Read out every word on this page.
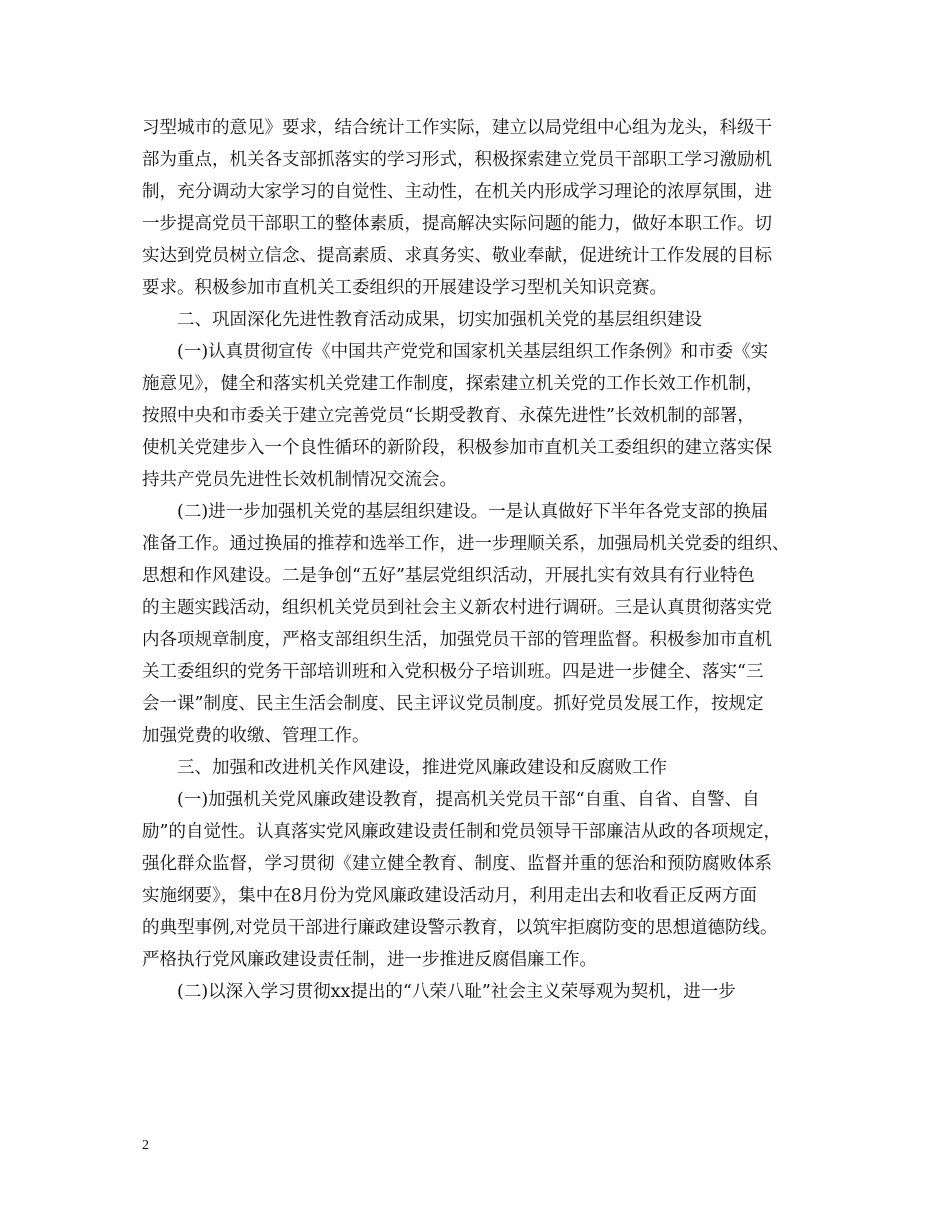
习型城市的意见》要求，结合统计工作实际，建立以局党组中心组为龙头，科级干
部为重点，机关各支部抓落实的学习形式，积极探索建立党员干部职工学习激励机
制，充分调动大家学习的自觉性、主动性，在机关内形成学习理论的浓厚氛围，进
一步提高党员干部职工的整体素质，提高解决实际问题的能力，做好本职工作。切
实达到党员树立信念、提高素质、求真务实、敬业奉献，促进统计工作发展的目标
要求。积极参加市直机关工委组织的开展建设学习型机关知识竞赛。
二、巩固深化先进性教育活动成果，切实加强机关党的基层组织建设
(一)认真贯彻宣传《中国共产党党和国家机关基层组织工作条例》和市委《实
施意见》，健全和落实机关党建工作制度，探索建立机关党的工作长效工作机制，
按照中央和市委关于建立完善党员“长期受教育、永葆先进性”长效机制的部署，
使机关党建步入一个良性循环的新阶段，积极参加市直机关工委组织的建立落实保
持共产党员先进性长效机制情况交流会。
(二)进一步加强机关党的基层组织建设。一是认真做好下半年各党支部的换届
准备工作。通过换届的推荐和选举工作，进一步理顺关系，加强局机关党委的组织、
思想和作风建设。二是争创“五好”基层党组织活动，开展扎实有效具有行业特色
的主题实践活动，组织机关党员到社会主义新农村进行调研。三是认真贯彻落实党
内各项规章制度，严格支部组织生活，加强党员干部的管理监督。积极参加市直机
关工委组织的党务干部培训班和入党积极分子培训班。四是进一步健全、落实“三
会一课”制度、民主生活会制度、民主评议党员制度。抓好党员发展工作，按规定
加强党费的收缴、管理工作。
三、加强和改进机关作风建设，推进党风廉政建设和反腐败工作
(一)加强机关党风廉政建设教育，提高机关党员干部“自重、自省、自警、自
励”的自觉性。认真落实党风廉政建设责任制和党员领导干部廉洁从政的各项规定，
强化群众监督，学习贯彻《建立健全教育、制度、监督并重的惩治和预防腐败体系
实施纲要》，集中在8月份为党风廉政建设活动月，利用走出去和收看正反两方面
的典型事例,对党员干部进行廉政建设警示教育，以筑牢拒腐防变的思想道德防线。
严格执行党风廉政建设责任制，进一步推进反腐倡廉工作。
(二)以深入学习贯彻xx提出的“八荣八耻”社会主义荣辱观为契机，进一步
2
